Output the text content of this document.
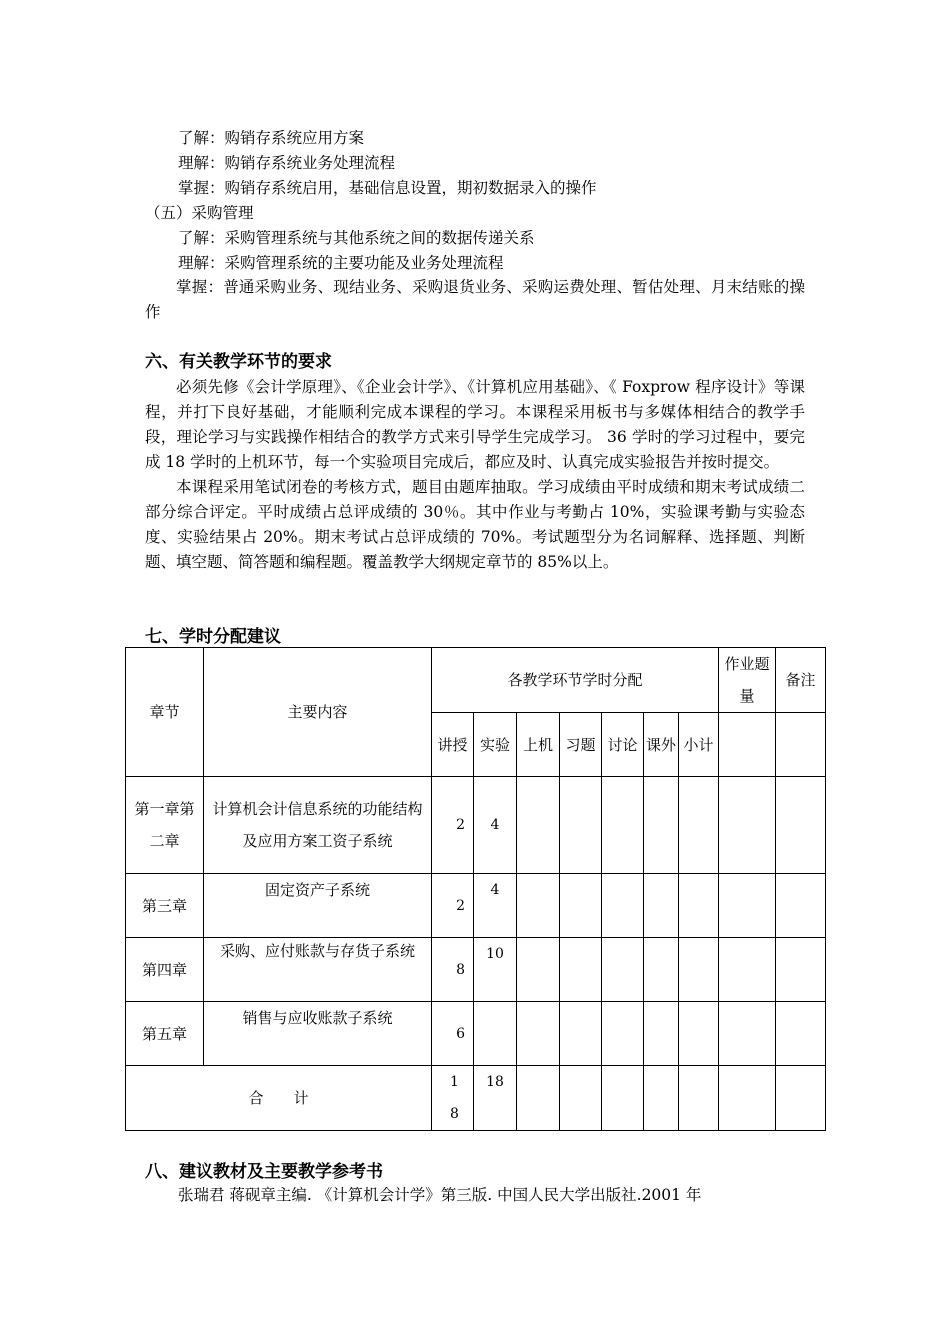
了解：购销存系统应用方案
理解：购销存系统业务处理流程
掌握：购销存系统启用，基础信息设置，期初数据录入的操作
（五）采购管理
了解：采购管理系统与其他系统之间的数据传递关系
理解：采购管理系统的主要功能及业务处理流程

掌握：普通采购业务、现结业务、采购退货业务、采购运费处理、暂估处理、月末结账的操作

六、有关教学环节的要求

必须先修《会计学原理》、《企业会计学》、《计算机应用基础》、《 Foxprow 程序设计》等课程，并打下良好基础，才能顺利完成本课程的学习。本课程采用板书与多媒体相结合的教学手段，理论学习与实践操作相结合的教学方式来引导学生完成学习。 36 学时的学习过程中，要完成 18 学时的上机环节，每一个实验项目完成后，都应及时、认真完成实验报告并按时提交。

本课程采用笔试闭卷的考核方式，题目由题库抽取。学习成绩由平时成绩和期末考试成绩二部分综合评定。平时成绩占总评成绩的 30％。其中作业与考勤占 10%，实验课考勤与实验态度、实验结果占 20%。期末考试占总评成绩的 70%。考试题型分为名词解释、选择题、判断题、填空题、简答题和编程题。覆盖教学大纲规定章节的 85%以上。

七、学时分配建议
章节	主要内容	各教学环节学时分配							作业题量	备注
		讲授	实验	上机	习题	讨论	课外	小计		
第一章第二章	计算机会计信息系统的功能结构及应用方案工资子系统	2	4							
第三章	固定资产子系统	2	4							
第四章	采购、应付账款与存货子系统	8	10							
第五章	销售与应收账款子系统	6								
合　　计		18	18							
八、建议教材及主要教学参考书
张瑞君 蒋砚章主编. 《计算机会计学》第三版. 中国人民大学出版社.2001 年
